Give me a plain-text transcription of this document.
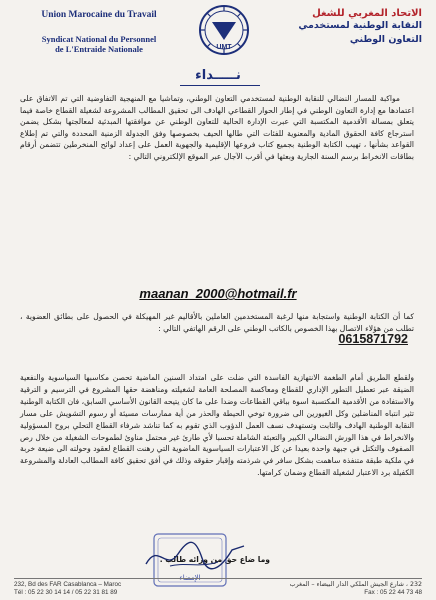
Union Marocaine du Travail
Syndicat National du Personnel
de L'Entraide Nationale	UMT
الاتحاد المغربي للشغل
النقابة الوطنية لمستخدمي
التعاون الوطني
نـــــداء

مواكبة للمسار النضالي للنقابة الوطنية لمستخدمي التعاون الوطني، وتماشيا مع المنهجية التفاوضية التي تم الاتفاق على اعتمادها مع إدارة التعاون الوطني في إطار الحوار القطاعي الهادف الى تحقيق المطالب المشروعة لشغيلة القطاع خاصة فيما يتعلق بمسالة الأقدمية المكتسبة التي عبرت الإدارة الحالية للتعاون الوطني عن موافقتها المبدئية لمعالجتها بشكل يضمن استرجاع كافة الحقوق المادية والمعنوية للفئات التي طالها الحيف بخصوصها وفق الجدولة الزمنية المحددة والتي تم إطلاع القواعد بشأنها ، تهيب الكتابة الوطنية بجميع كتاب فروعها الإقليمية والجهوية العمل على إعداد لوائح المنخرطين تتضمن أرقام بطاقات الانخراط برسم السنة الجارية وبعثها في أقرب الآجال عبر الموقع الإلكتروني التالي :

maanan_2000@hotmail.fr

كما أن الكتابة الوطنية واستجابة منها لرغبة المستخدمين العاملين بالأقاليم غير المهيكلة في الحصول على بطائق العضوية ، تطلب من هؤلاء الاتصال بهذا الخصوص بالكاتب الوطني على الرقم الهاتفي التالي :

0615871792

ولقطع الطريق أمام الطغمة الانتهازية الفاسدة التي ضلت على امتداد السنين الماضية تحصن مكاسبها السياسوية والنفعية الضيقة عبر تعطيل التطور الإداري للقطاع ومعاكسة المصلحة العامة لشغيلته ومناهضة حقها المشروع في الترسيم و الترقية والاستفادة من الأقدمية المكتسبة اسوة بباقي القطاعات وضدا على ما كان يتيحه القانون الأساسي السابق، فان الكتابة الوطنية تثير انتباه المناضلين وكل الغيورين الى ضرورة توخي الحيطة والحذر من أية ممارسات مسيئة أو رسوم التشويش على مسار النقابة الوطنية الهادف والثابت وتستهدف نسف العمل الدؤوب الذي تقوم به كما تناشد شرفاء القطاع التحلي بروح المسؤولية والانخراط في هذا الورش النضالي الكبير والتعبئة الشاملة تحسبا لأي طارئ غير محتمل مناوئ لطموحات الشغيلة من خلال رص الصفوف والتكتل في جبهة واحدة بعيدا عن كل الاعتبارات السياسوية الماضوية التي رهنت القطاع لعقود وحولته الى ضيعة خربة في ملكية طبقة متنفذة ساهمت بشكل سافر في شرذمته وإقبار حقوقه وذلك في أفق تحقيق كافة المطالب العادلة والمشروعة الكفيلة برد الاعتبار لشغيلة القطاع وضمان كرامتها.

وما ضاع حق من ورائه طالب .
الإمضاء
232, Bd des FAR Casablanca – Maroc	232 ، شارع الجيش الملكي الدار البيضاء – المغرب
Tél : 05 22 30 14 14 / 05 22 31 81 89	Fax : 05 22 44 73 48
